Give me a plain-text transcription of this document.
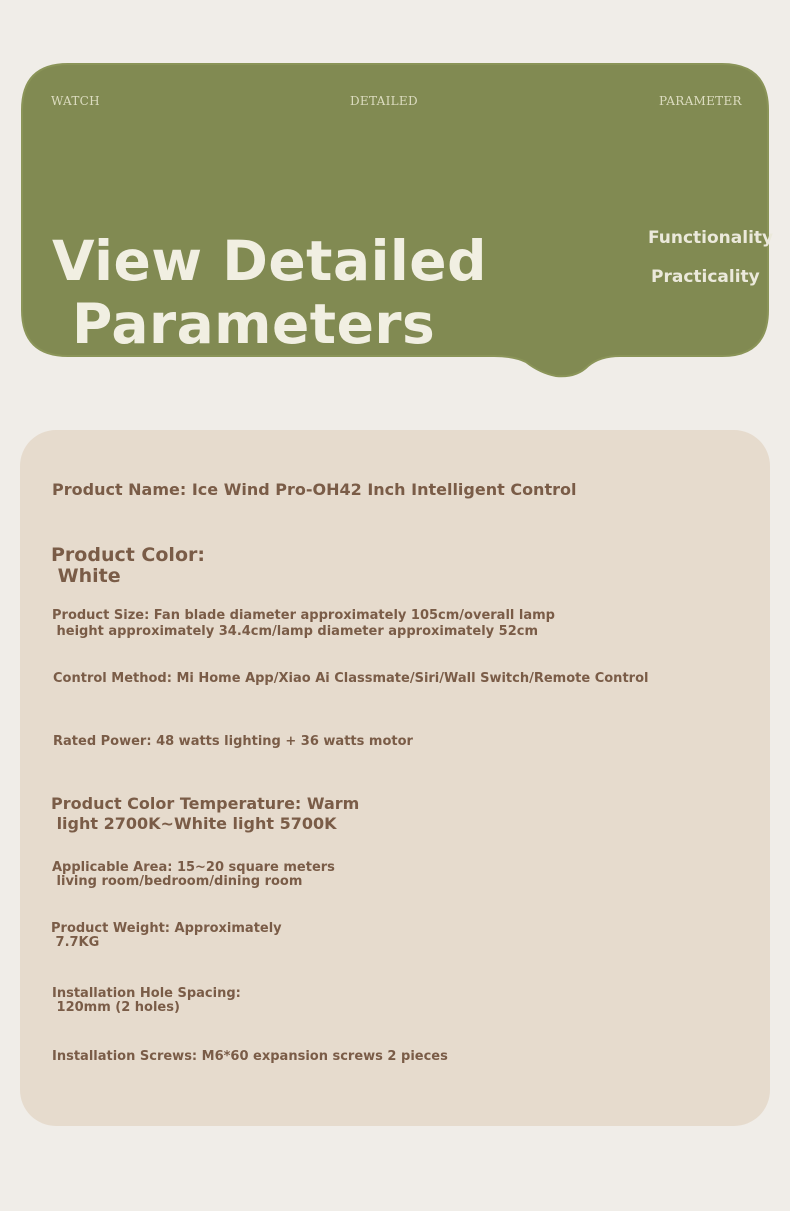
WATCH	DETAILED	PARAMETER
View Detailed
Parameters
Functionality
Practicality

Product Name: Ice Wind Pro-OH42 Inch Intelligent Control

Product Color:
White

Product Size: Fan blade diameter approximately 105cm/overall lamp
height approximately 34.4cm/lamp diameter approximately 52cm

Control Method: Mi Home App/Xiao Ai Classmate/Siri/Wall Switch/Remote Control

Rated Power: 48 watts lighting + 36 watts motor

Product Color Temperature: Warm
light 2700K~White light 5700K

Applicable Area: 15~20 square meters
living room/bedroom/dining room

Product Weight: Approximately
7.7KG

Installation Hole Spacing:
120mm (2 holes)

Installation Screws: M6*60 expansion screws 2 pieces
